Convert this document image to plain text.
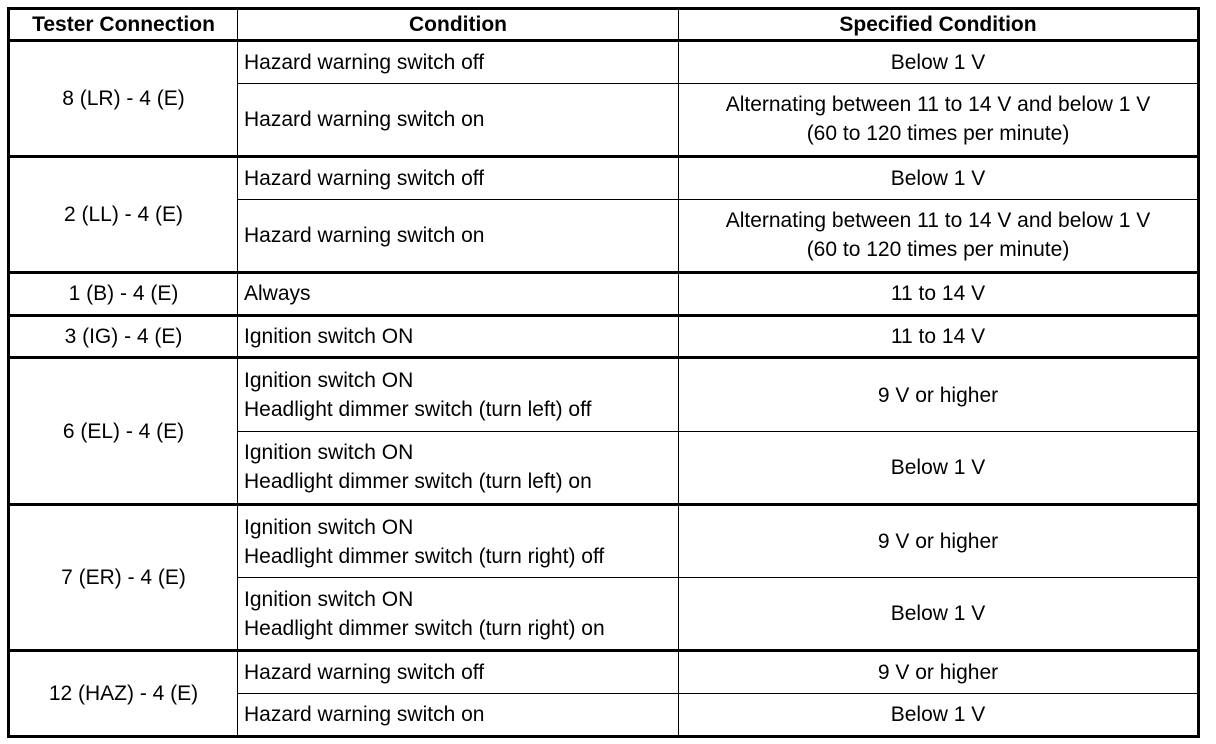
Tester Connection	Condition	Specified Condition
8 (LR) - 4 (E)	Hazard warning switch off	Below 1 V

	Hazard warning switch on	Alternating between 11 to 14 V and below 1 V
(60 to 120 times per minute)

2 (LL) - 4 (E)	Hazard warning switch off	Below 1 V

	Hazard warning switch on	Alternating between 11 to 14 V and below 1 V
(60 to 120 times per minute)

1 (B) - 4 (E)	Always	11 to 14 V

3 (IG) - 4 (E)	Ignition switch ON	11 to 14 V

6 (EL) - 4 (E)	Ignition switch ON
Headlight dimmer switch (turn left) off	9 V or higher

	Ignition switch ON
Headlight dimmer switch (turn left) on	Below 1 V

7 (ER) - 4 (E)	Ignition switch ON
Headlight dimmer switch (turn right) off	9 V or higher

	Ignition switch ON
Headlight dimmer switch (turn right) on	Below 1 V

12 (HAZ) - 4 (E)	Hazard warning switch off	9 V or higher

	Hazard warning switch on	Below 1 V
